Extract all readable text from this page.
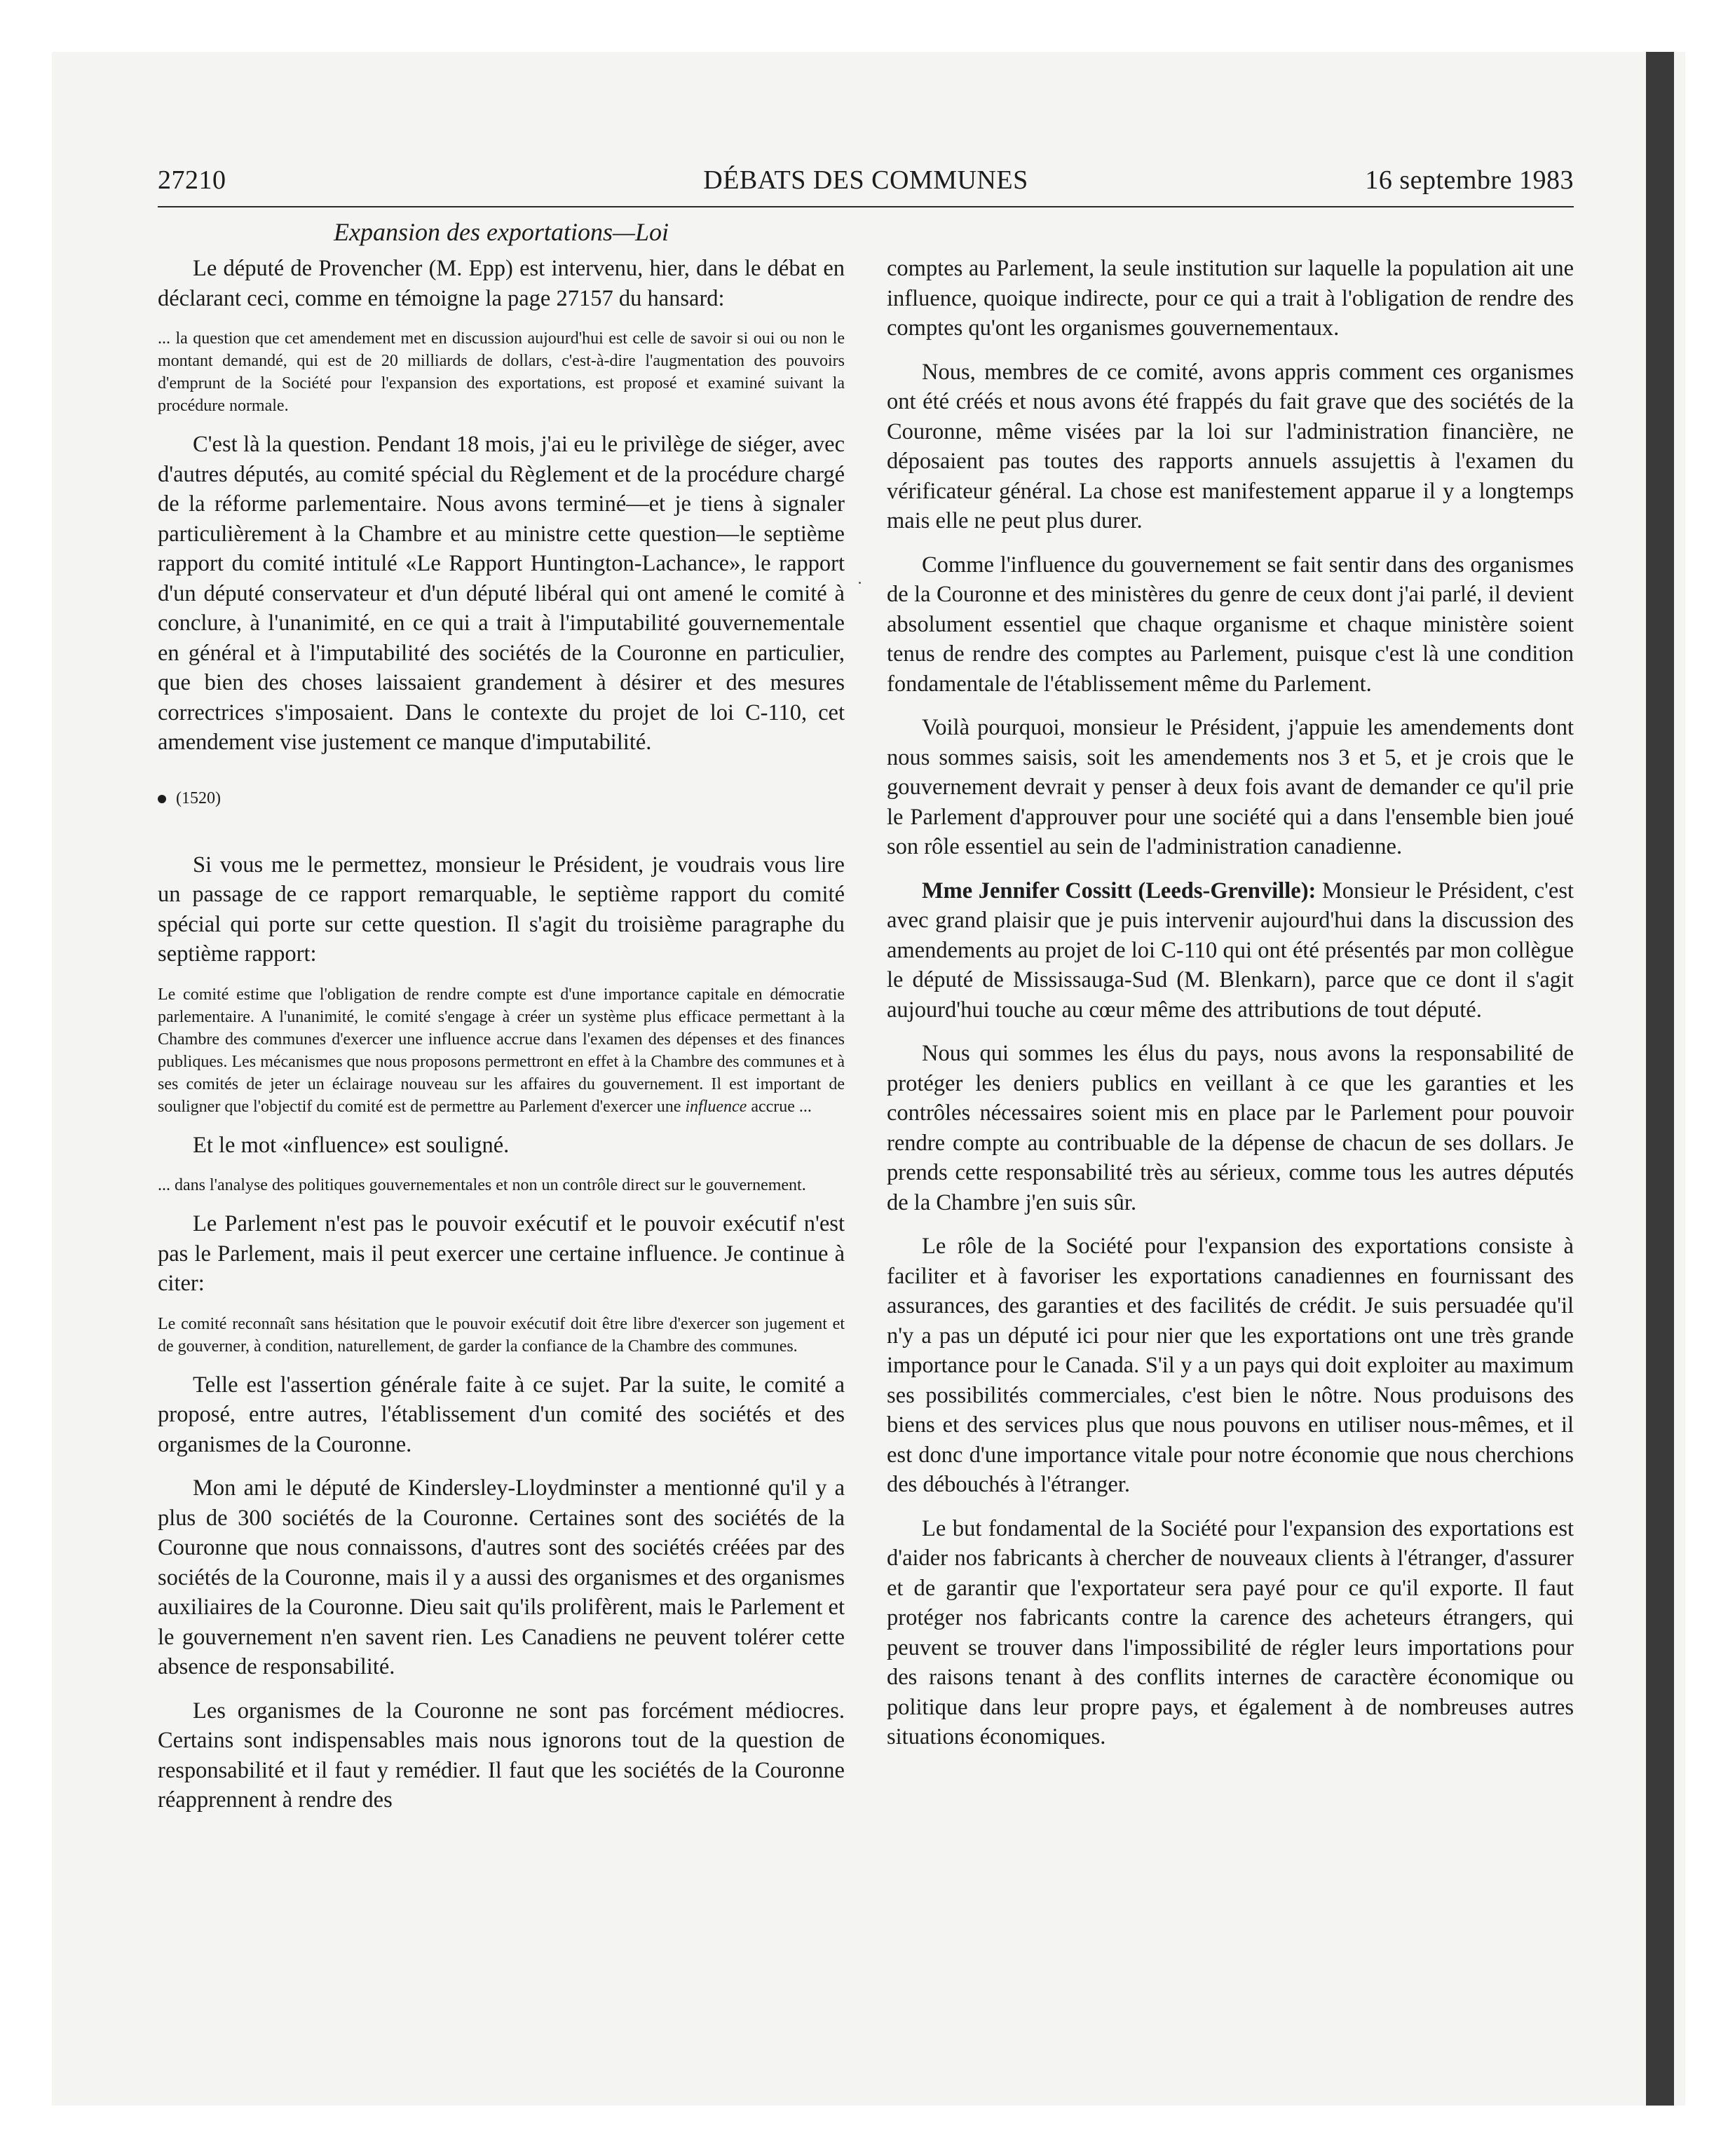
27210	DÉBATS DES COMMUNES	16 septembre 1983
Expansion des exportations—Loi

Le député de Provencher (M. Epp) est intervenu, hier, dans le débat en déclarant ceci, comme en témoigne la page 27157 du hansard:

... la question que cet amendement met en discussion aujourd'hui est celle de savoir si oui ou non le montant demandé, qui est de 20 milliards de dollars, c'est-à-dire l'augmentation des pouvoirs d'emprunt de la Société pour l'expansion des exportations, est proposé et examiné suivant la procédure normale.

C'est là la question. Pendant 18 mois, j'ai eu le privilège de siéger, avec d'autres députés, au comité spécial du Règlement et de la procédure chargé de la réforme parlementaire. Nous avons terminé—et je tiens à signaler particulièrement à la Chambre et au ministre cette question—le septième rapport du comité intitulé «Le Rapport Huntington-Lachance», le rapport d'un député conservateur et d'un député libéral qui ont amené le comité à conclure, à l'unanimité, en ce qui a trait à l'imputabilité gouvernementale en général et à l'imputabilité des sociétés de la Couronne en particulier, que bien des choses laissaient grandement à désirer et des mesures correctrices s'imposaient. Dans le contexte du projet de loi C-110, cet amendement vise justement ce manque d'imputabilité.

(1520)

Si vous me le permettez, monsieur le Président, je voudrais vous lire un passage de ce rapport remarquable, le septième rapport du comité spécial qui porte sur cette question. Il s'agit du troisième paragraphe du septième rapport:

Le comité estime que l'obligation de rendre compte est d'une importance capitale en démocratie parlementaire. A l'unanimité, le comité s'engage à créer un système plus efficace permettant à la Chambre des communes d'exercer une influence accrue dans l'examen des dépenses et des finances publiques. Les mécanismes que nous proposons permettront en effet à la Chambre des communes et à ses comités de jeter un éclairage nouveau sur les affaires du gouvernement. Il est important de souligner que l'objectif du comité est de permettre au Parlement d'exercer une influence accrue ...

Et le mot «influence» est souligné.

... dans l'analyse des politiques gouvernementales et non un contrôle direct sur le gouvernement.

Le Parlement n'est pas le pouvoir exécutif et le pouvoir exécutif n'est pas le Parlement, mais il peut exercer une certaine influence. Je continue à citer:

Le comité reconnaît sans hésitation que le pouvoir exécutif doit être libre d'exercer son jugement et de gouverner, à condition, naturellement, de garder la confiance de la Chambre des communes.

Telle est l'assertion générale faite à ce sujet. Par la suite, le comité a proposé, entre autres, l'établissement d'un comité des sociétés et des organismes de la Couronne.

Mon ami le député de Kindersley-Lloydminster a mentionné qu'il y a plus de 300 sociétés de la Couronne. Certaines sont des sociétés de la Couronne que nous connaissons, d'autres sont des sociétés créées par des sociétés de la Couronne, mais il y a aussi des organismes et des organismes auxiliaires de la Couronne. Dieu sait qu'ils prolifèrent, mais le Parlement et le gouvernement n'en savent rien. Les Canadiens ne peuvent tolérer cette absence de responsabilité.

Les organismes de la Couronne ne sont pas forcément médiocres. Certains sont indispensables mais nous ignorons tout de la question de responsabilité et il faut y remédier. Il faut que les sociétés de la Couronne réapprennent à rendre des

comptes au Parlement, la seule institution sur laquelle la population ait une influence, quoique indirecte, pour ce qui a trait à l'obligation de rendre des comptes qu'ont les organismes gouvernementaux.

Nous, membres de ce comité, avons appris comment ces organismes ont été créés et nous avons été frappés du fait grave que des sociétés de la Couronne, même visées par la loi sur l'administration financière, ne déposaient pas toutes des rapports annuels assujettis à l'examen du vérificateur général. La chose est manifestement apparue il y a longtemps mais elle ne peut plus durer.

Comme l'influence du gouvernement se fait sentir dans des organismes de la Couronne et des ministères du genre de ceux dont j'ai parlé, il devient absolument essentiel que chaque organisme et chaque ministère soient tenus de rendre des comptes au Parlement, puisque c'est là une condition fondamentale de l'établissement même du Parlement.

Voilà pourquoi, monsieur le Président, j'appuie les amendements dont nous sommes saisis, soit les amendements nos 3 et 5, et je crois que le gouvernement devrait y penser à deux fois avant de demander ce qu'il prie le Parlement d'approuver pour une société qui a dans l'ensemble bien joué son rôle essentiel au sein de l'administration canadienne.

Mme Jennifer Cossitt (Leeds-Grenville): Monsieur le Président, c'est avec grand plaisir que je puis intervenir aujourd'hui dans la discussion des amendements au projet de loi C-110 qui ont été présentés par mon collègue le député de Mississauga-Sud (M. Blenkarn), parce que ce dont il s'agit aujourd'hui touche au cœur même des attributions de tout député.

Nous qui sommes les élus du pays, nous avons la responsabilité de protéger les deniers publics en veillant à ce que les garanties et les contrôles nécessaires soient mis en place par le Parlement pour pouvoir rendre compte au contribuable de la dépense de chacun de ses dollars. Je prends cette responsabilité très au sérieux, comme tous les autres députés de la Chambre j'en suis sûr.

Le rôle de la Société pour l'expansion des exportations consiste à faciliter et à favoriser les exportations canadiennes en fournissant des assurances, des garanties et des facilités de crédit. Je suis persuadée qu'il n'y a pas un député ici pour nier que les exportations ont une très grande importance pour le Canada. S'il y a un pays qui doit exploiter au maximum ses possibilités commerciales, c'est bien le nôtre. Nous produisons des biens et des services plus que nous pouvons en utiliser nous-mêmes, et il est donc d'une importance vitale pour notre économie que nous cherchions des débouchés à l'étranger.

Le but fondamental de la Société pour l'expansion des exportations est d'aider nos fabricants à chercher de nouveaux clients à l'étranger, d'assurer et de garantir que l'exportateur sera payé pour ce qu'il exporte. Il faut protéger nos fabricants contre la carence des acheteurs étrangers, qui peuvent se trouver dans l'impossibilité de régler leurs importations pour des raisons tenant à des conflits internes de caractère économique ou politique dans leur propre pays, et également à de nombreuses autres situations économiques.
